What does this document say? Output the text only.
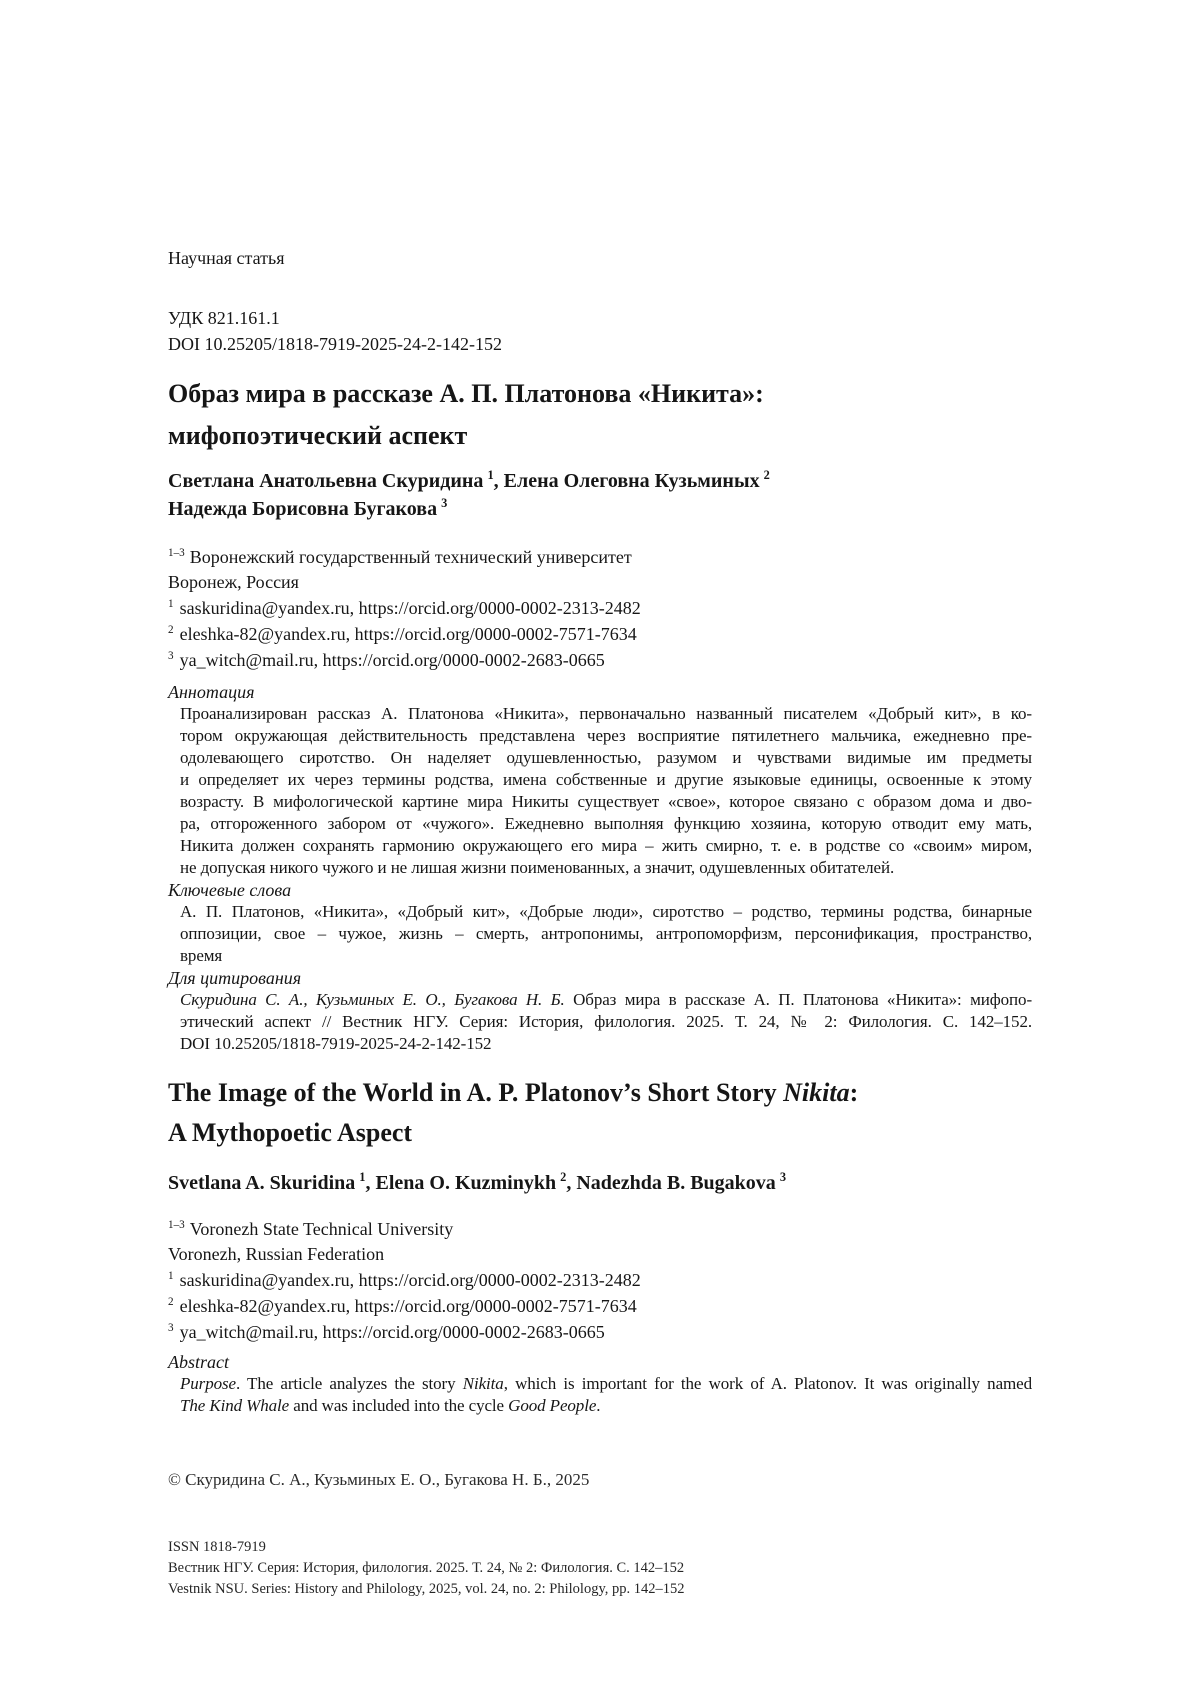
Научная статья
УДК 821.161.1
DOI 10.25205/1818-7919-2025-24-2-142-152
Образ мира в рассказе А. П. Платонова «Никита»:
мифопоэтический аспект
Светлана Анатольевна Скуридина $^1$, Елена Олеговна Кузьминых $^2$
Надежда Борисовна Бугакова $^3$
$^{1-3}$ Воронежский государственный технический университет
Воронеж, Россия
$^1$ saskuridina@yandex.ru, https://orcid.org/0000-0002-2313-2482
$^2$ eleshka-82@yandex.ru, https://orcid.org/0000-0002-7571-7634
$^3$ ya_witch@mail.ru, https://orcid.org/0000-0002-2683-0665
Аннотация
Проанализирован рассказ А. Платонова «Никита», первоначально названный писателем «Добрый кит», в ко-
тором окружающая действительность представлена через восприятие пятилетнего мальчика, ежедневно пре-
одолевающего сиротство. Он наделяет одушевленностью, разумом и чувствами видимые им предметы
и определяет их через термины родства, имена собственные и другие языковые единицы, освоенные к этому
возрасту. В мифологической картине мира Никиты существует «свое», которое связано с образом дома и дво-
ра, отгороженного забором от «чужого». Ежедневно выполняя функцию хозяина, которую отводит ему мать,
Никита должен сохранять гармонию окружающего его мира – жить смирно, т. е. в родстве со «своим» миром,
не допуская никого чужого и не лишая жизни поименованных, а значит, одушевленных обитателей.
Ключевые слова
А. П. Платонов, «Никита», «Добрый кит», «Добрые люди», сиротство – родство, термины родства, бинарные
оппозиции, свое – чужое, жизнь – смерть, антропонимы, антропоморфизм, персонификация, пространство,
время
Для цитирования
Скуридина С. А., Кузьминых Е. О., Бугакова Н. Б. Образ мира в рассказе А. П. Платонова «Никита»: мифопо-
этический аспект // Вестник НГУ. Серия: История, филология. 2025. Т. 24, № 2: Филология. С. 142–152.
DOI 10.25205/1818-7919-2025-24-2-142-152
The Image of the World in A. P. Platonov’s Short Story Nikita:
A Mythopoetic Aspect
Svetlana A. Skuridina $^1$, Elena O. Kuzminykh $^2$, Nadezhda B. Bugakova $^3$
$^{1-3}$ Voronezh State Technical University
Voronezh, Russian Federation
$^1$ saskuridina@yandex.ru, https://orcid.org/0000-0002-2313-2482
$^2$ eleshka-82@yandex.ru, https://orcid.org/0000-0002-7571-7634
$^3$ ya_witch@mail.ru, https://orcid.org/0000-0002-2683-0665
Abstract
Purpose. The article analyzes the story Nikita, which is important for the work of A. Platonov. It was originally named
The Kind Whale and was included into the cycle Good People.
© Скуридина С. А., Кузьминых Е. О., Бугакова Н. Б., 2025
ISSN 1818-7919
Вестник НГУ. Серия: История, филология. 2025. Т. 24, № 2: Филология. С. 142–152
Vestnik NSU. Series: History and Philology, 2025, vol. 24, no. 2: Philology, pp. 142–152
